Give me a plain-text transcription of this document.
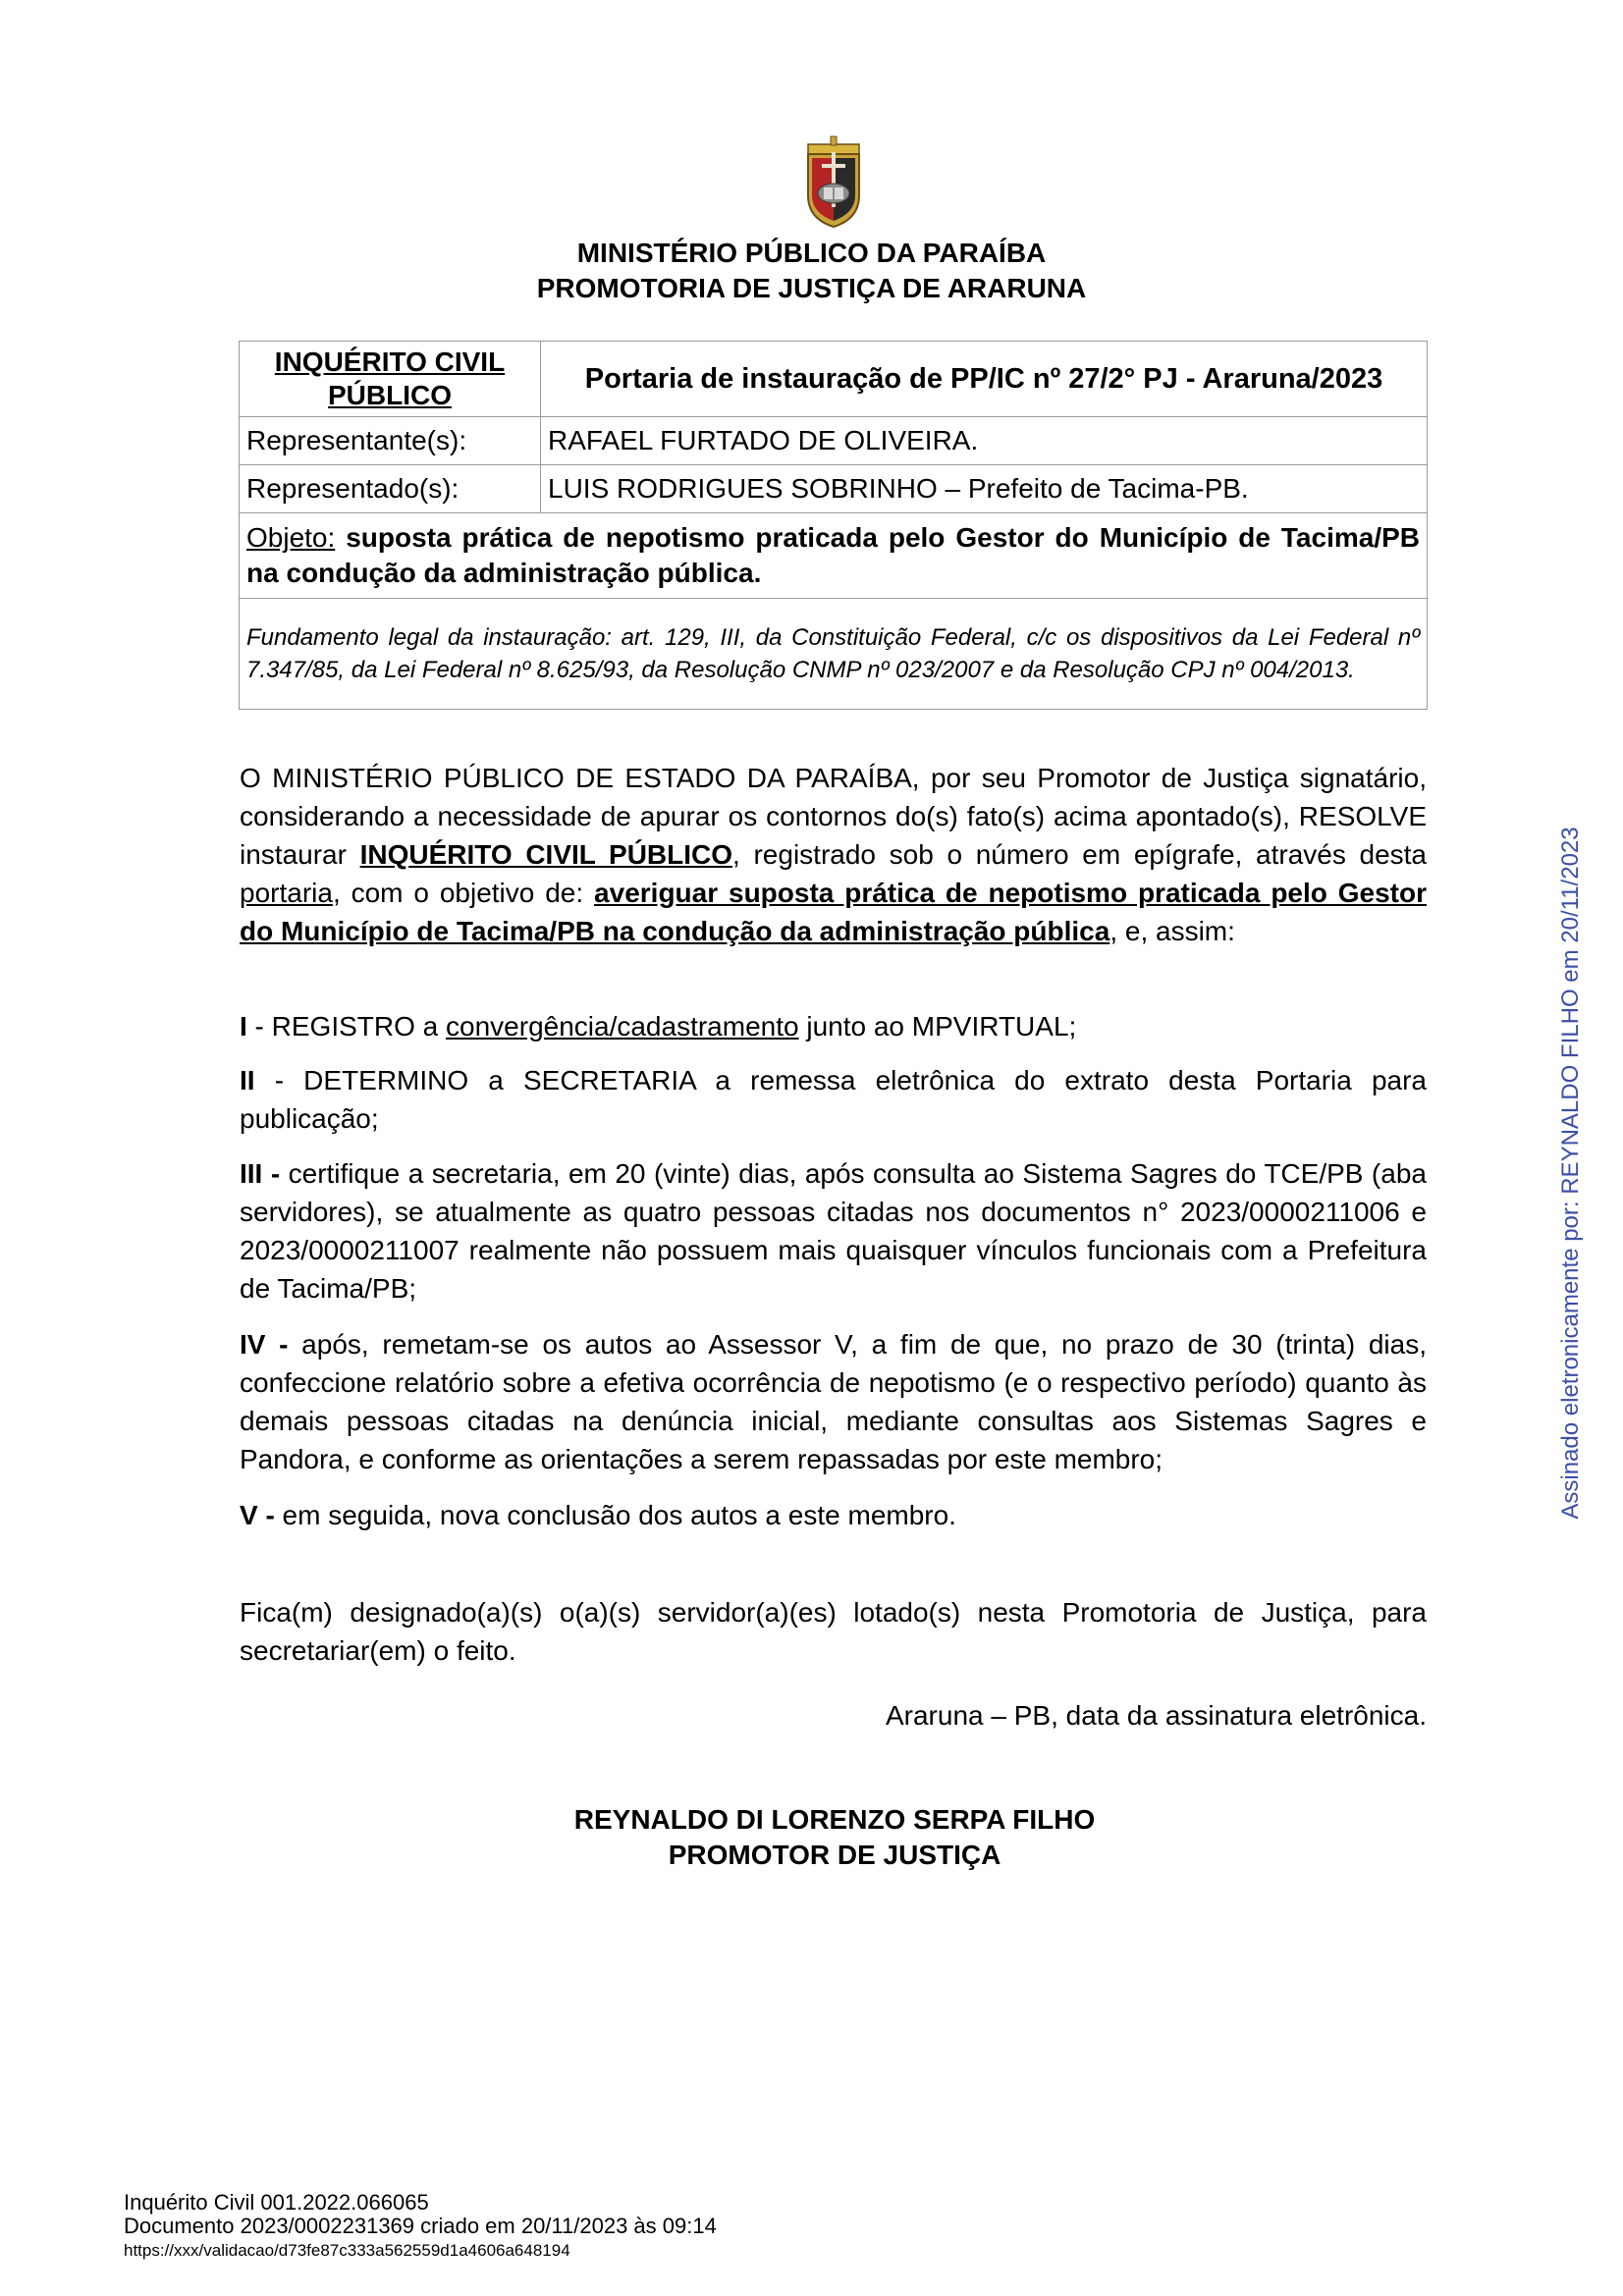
MINISTÉRIO PÚBLICO DA PARAÍBA
PROMOTORIA DE JUSTIÇA DE ARARUNA
INQUÉRITO CIVIL PÚBLICO	Portaria de instauração de PP/IC nº 27/2° PJ - Araruna/2023
Representante(s):	RAFAEL FURTADO DE OLIVEIRA.
Representado(s):	LUIS RODRIGUES SOBRINHO – Prefeito de Tacima-PB.
Objeto: suposta prática de nepotismo praticada pelo Gestor do Município de Tacima/PB na condução da administração pública.	
Fundamento legal da instauração: art. 129, III, da Constituição Federal, c/c os dispositivos da Lei Federal nº 7.347/85, da Lei Federal nº 8.625/93, da Resolução CNMP nº 023/2007 e da Resolução CPJ nº 004/2013.	

O MINISTÉRIO PÚBLICO DE ESTADO DA PARAÍBA, por seu Promotor de Justiça signatário, considerando a necessidade de apurar os contornos do(s) fato(s) acima apontado(s), RESOLVE instaurar INQUÉRITO CIVIL PÚBLICO, registrado sob o número em epígrafe, através desta portaria, com o objetivo de: averiguar suposta prática de nepotismo praticada pelo Gestor do Município de Tacima/PB na condução da administração pública, e, assim:

I - REGISTRO a convergência/cadastramento junto ao MPVIRTUAL;

II - DETERMINO a SECRETARIA a remessa eletrônica do extrato desta Portaria para publicação;

III - certifique a secretaria, em 20 (vinte) dias, após consulta ao Sistema Sagres do TCE/PB (aba servidores), se atualmente as quatro pessoas citadas nos documentos n° 2023/0000211006 e 2023/0000211007 realmente não possuem mais quaisquer vínculos funcionais com a Prefeitura de Tacima/PB;

IV - após, remetam-se os autos ao Assessor V, a fim de que, no prazo de 30 (trinta) dias, confeccione relatório sobre a efetiva ocorrência de nepotismo (e o respectivo período) quanto às demais pessoas citadas na denúncia inicial, mediante consultas aos Sistemas Sagres e Pandora, e conforme as orientações a serem repassadas por este membro;

V - em seguida, nova conclusão dos autos a este membro.

Fica(m) designado(a)(s) o(a)(s) servidor(a)(es) lotado(s) nesta Promotoria de Justiça, para secretariar(em) o feito.

Araruna – PB, data da assinatura eletrônica.
REYNALDO DI LORENZO SERPA FILHO
PROMOTOR DE JUSTIÇA
Assinado eletronicamente por: REYNALDO FILHO em 20/11/2023
Inquérito Civil 001.2022.066065
Documento 2023/0002231369 criado em 20/11/2023 às 09:14
https://xxx/validacao/d73fe87c333a562559d1a4606a648194
